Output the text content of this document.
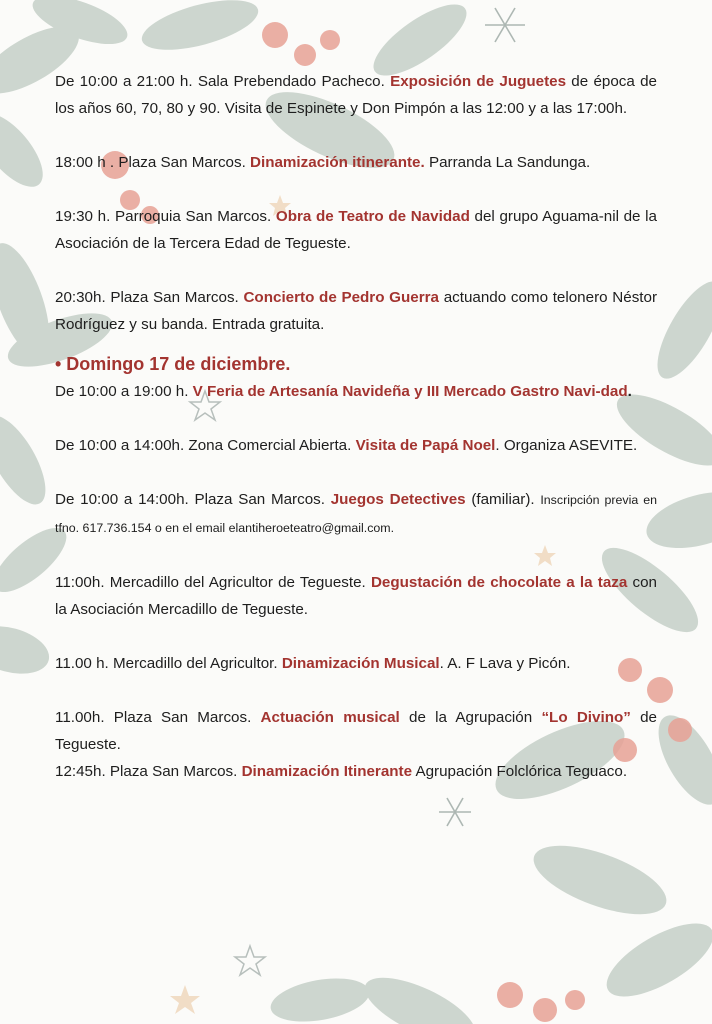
De 10:00 a 21:00 h. Sala Prebendado Pacheco. Exposición de Juguetes de época de los años 60, 70, 80 y 90. Visita de Espinete y Don Pimpón a las 12:00 y a las 17:00h.

18:00 h . Plaza San Marcos. Dinamización itinerante. Parranda La Sandunga.

19:30 h. Parroquia San Marcos. Obra de Teatro de Navidad del grupo Aguama-nil de la Asociación de la Tercera Edad de Tegueste.

20:30h. Plaza San Marcos. Concierto de Pedro Guerra actuando como telonero Néstor Rodríguez y su banda. Entrada gratuita.

• Domingo 17 de diciembre.

De 10:00 a 19:00 h. V Feria de Artesanía Navideña y III Mercado Gastro Navi-dad.

De 10:00 a 14:00h. Zona Comercial Abierta. Visita de Papá Noel. Organiza ASEVITE.

De 10:00 a 14:00h. Plaza San Marcos. Juegos Detectives (familiar). Inscripción previa en tfno. 617.736.154 o en el email elantiheroeteatro@gmail.com.

11:00h. Mercadillo del Agricultor de Tegueste. Degustación de chocolate a la taza con la Asociación Mercadillo de Tegueste.

11.00 h. Mercadillo del Agricultor. Dinamización Musical. A. F Lava y Picón.

11.00h. Plaza San Marcos. Actuación musical de la Agrupación “Lo Divino” de Tegueste.

12:45h. Plaza San Marcos. Dinamización Itinerante Agrupación Folclórica Teguaco.
